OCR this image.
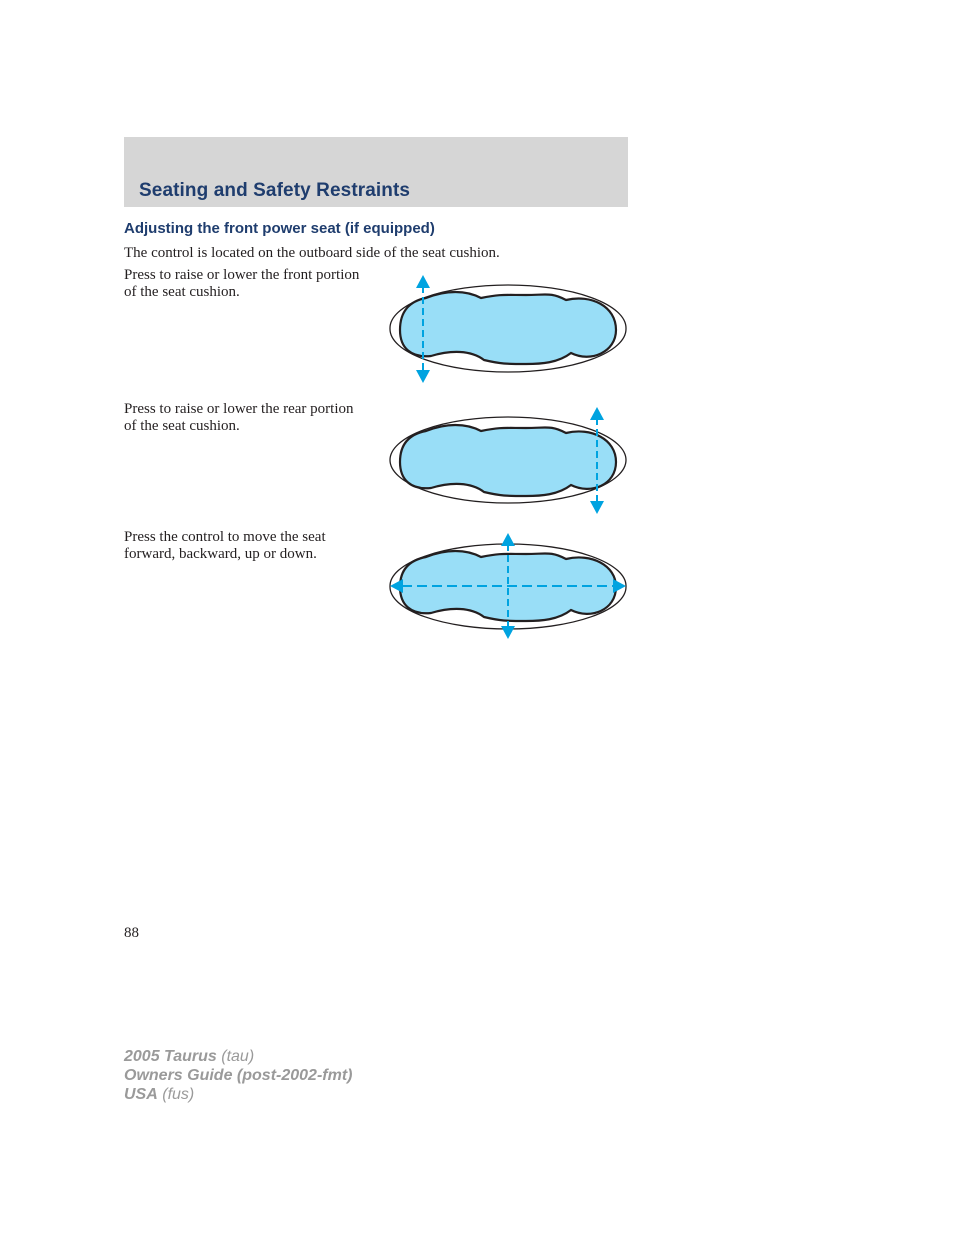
Seating and Safety Restraints
Adjusting the front power seat (if equipped)

The control is located on the outboard side of the seat cushion.

Press to raise or lower the front portion of the seat cushion.

Press to raise or lower the rear portion of the seat cushion.

Press the control to move the seat forward, backward, up or down.

88

2005 Taurus (tau)
Owners Guide (post-2002-fmt)
USA (fus)
